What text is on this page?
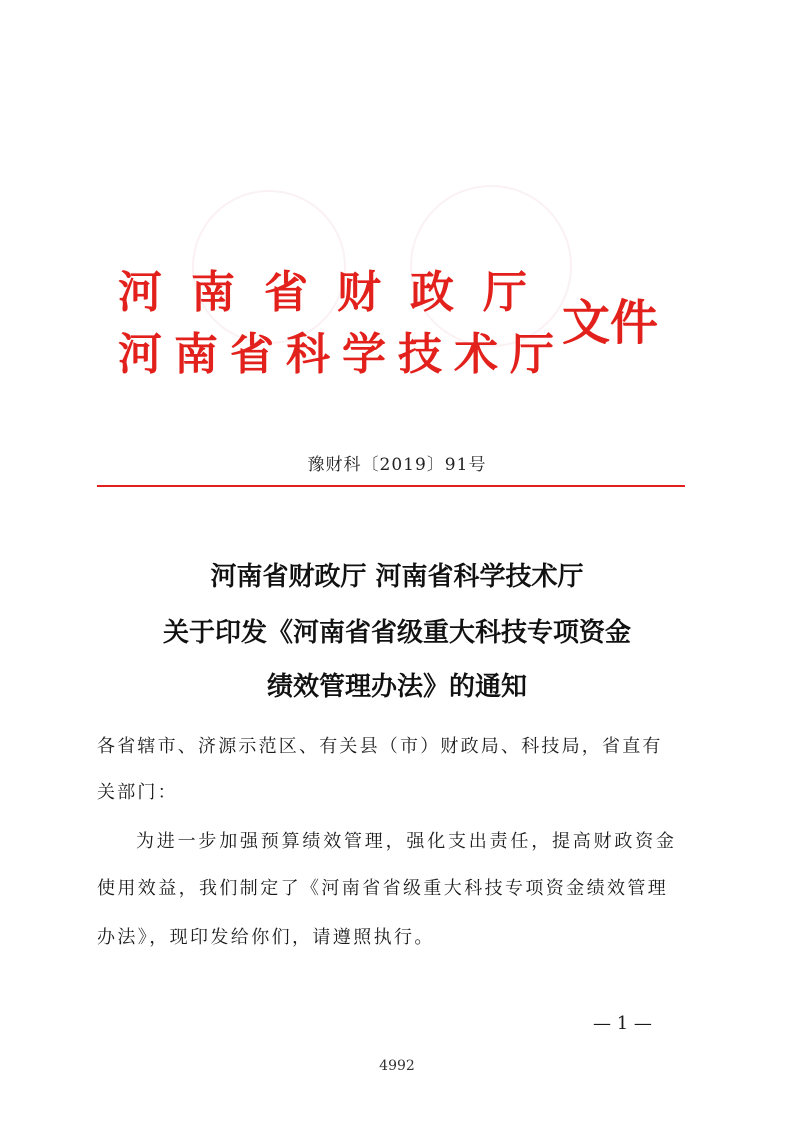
河南省财政厅
河南省科学技术厅
文件
豫财科〔2019〕91号
河南省财政厅 河南省科学技术厅
关于印发《河南省省级重大科技专项资金
绩效管理办法》的通知
各省辖市、济源示范区、有关县（市）财政局、科技局，省直有
关部门：
为进一步加强预算绩效管理，强化支出责任，提高财政资金
使用效益，我们制定了《河南省省级重大科技专项资金绩效管理
办法》，现印发给你们，请遵照执行。
— 1 —
4992
